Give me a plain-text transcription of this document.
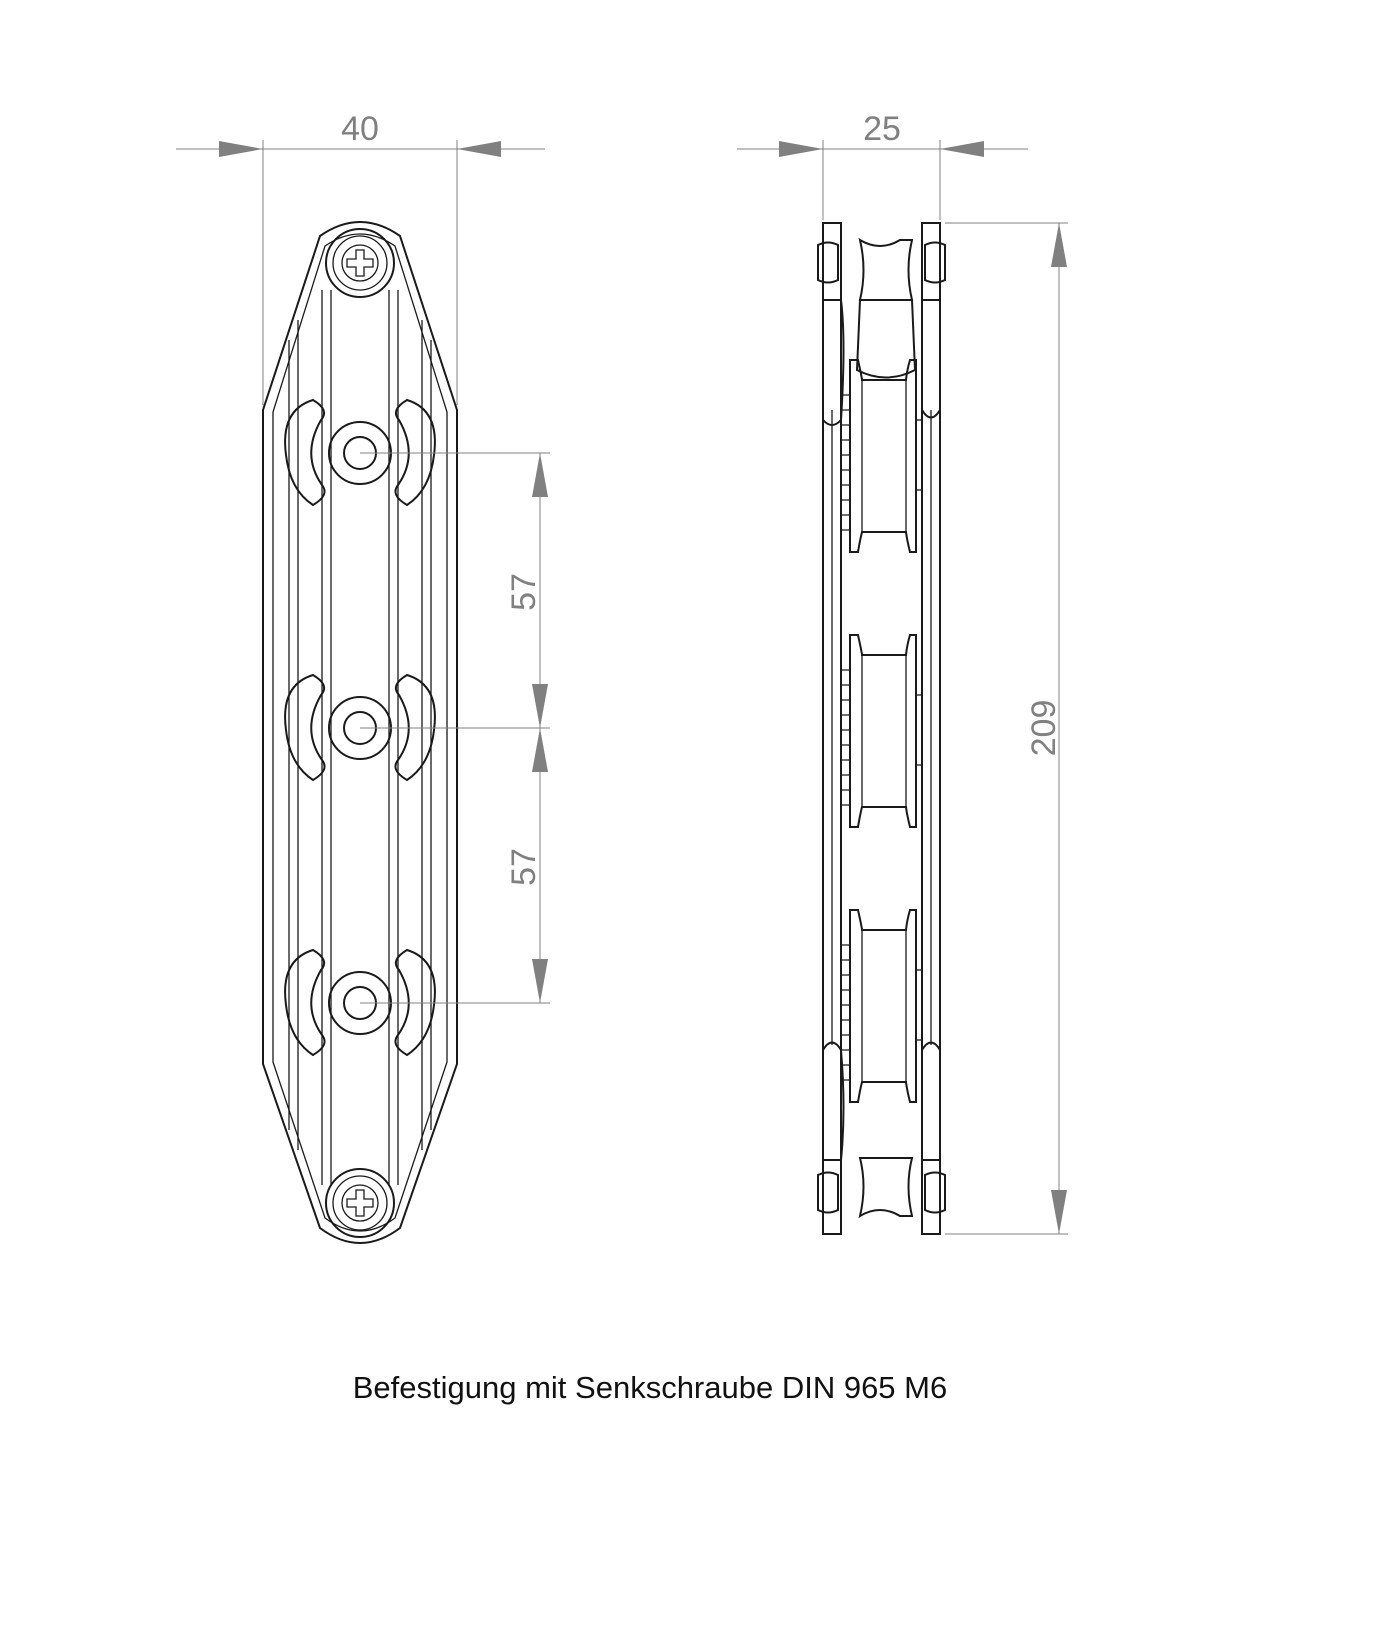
40
57
57
25
209
Befestigung mit Senkschraube DIN 965 M6
